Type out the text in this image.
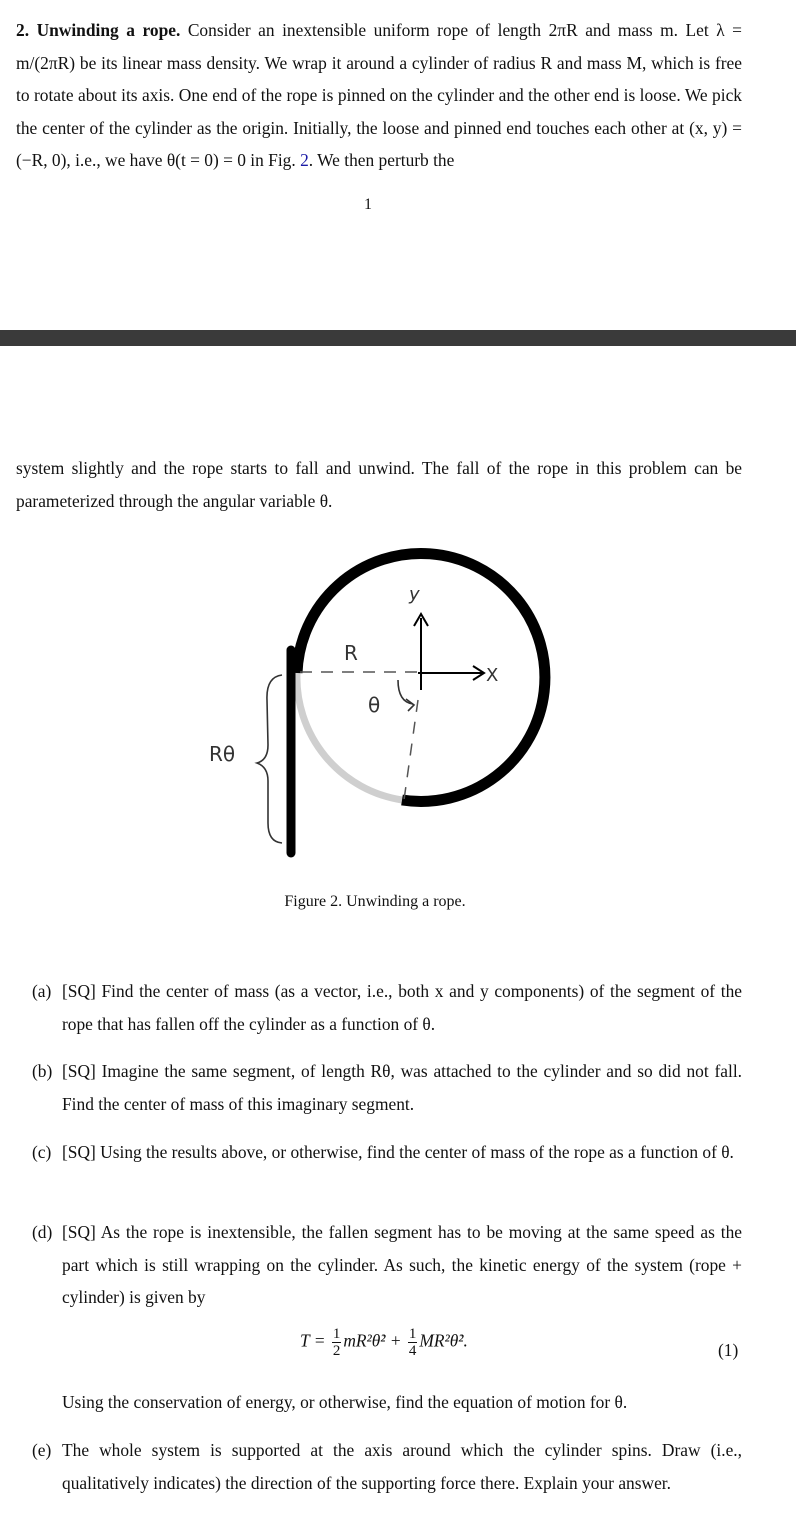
2. Unwinding a rope. Consider an inextensible uniform rope of length 2πR and mass m. Let λ = m/(2πR) be its linear mass density. We wrap it around a cylinder of radius R and mass M, which is free to rotate about its axis. One end of the rope is pinned on the cylinder and the other end is loose. We pick the center of the cylinder as the origin. Initially, the loose and pinned end touches each other at (x, y) = (−R, 0), i.e., we have θ(t = 0) = 0 in Fig. 2. We then perturb the
1
system slightly and the rope starts to fall and unwind. The fall of the rope in this problem can be parameterized through the angular variable θ.
y
X
R
θ
Rθ
Figure 2. Unwinding a rope.
(a) [SQ] Find the center of mass (as a vector, i.e., both x and y components) of the segment of the rope that has fallen off the cylinder as a function of θ.
(b) [SQ] Imagine the same segment, of length Rθ, was attached to the cylinder and so did not fall. Find the center of mass of this imaginary segment.
(c) [SQ] Using the results above, or otherwise, find the center of mass of the rope as a function of θ.
(d) [SQ] As the rope is inextensible, the fallen segment has to be moving at the same speed as the part which is still wrapping on the cylinder. As such, the kinetic energy of the system (rope + cylinder) is given by
$T = \frac{1}{2}$ mR²θ̇² + $\frac{1}{4}$ MR²θ̇².	(1)
Using the conservation of energy, or otherwise, find the equation of motion for θ.
(e) The whole system is supported at the axis around which the cylinder spins. Draw (i.e., qualitatively indicates) the direction of the supporting force there. Explain your answer.
